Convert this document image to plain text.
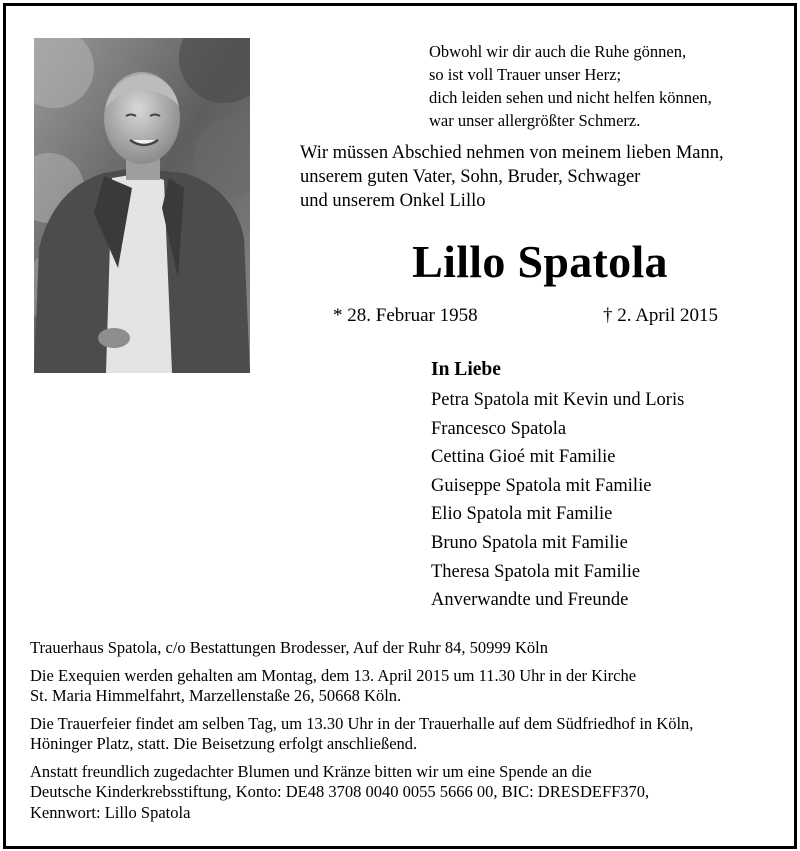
Obwohl wir dir auch die Ruhe gönnen,
so ist voll Trauer unser Herz;
dich leiden sehen und nicht helfen können,
war unser allergrößter Schmerz.
Wir müssen Abschied nehmen von meinem lieben Mann,
unserem guten Vater, Sohn, Bruder, Schwager
und unserem Onkel Lillo
Lillo Spatola
* 28. Februar 1958	† 2. April 2015
In Liebe
Petra Spatola mit Kevin und Loris
Francesco Spatola
Cettina Gioé mit Familie
Guiseppe Spatola mit Familie
Elio Spatola mit Familie
Bruno Spatola mit Familie
Theresa Spatola mit Familie
Anverwandte und Freunde
Trauerhaus Spatola, c/o Bestattungen Brodesser, Auf der Ruhr 84, 50999 Köln
Die Exequien werden gehalten am Montag, dem 13. April 2015 um 11.30 Uhr in der Kirche
St. Maria Himmelfahrt, Marzellenstaße 26, 50668 Köln.
Die Trauerfeier findet am selben Tag, um 13.30 Uhr in der Trauerhalle auf dem Südfriedhof in Köln,
Höninger Platz, statt. Die Beisetzung erfolgt anschließend.
Anstatt freundlich zugedachter Blumen und Kränze bitten wir um eine Spende an die
Deutsche Kinderkrebsstiftung, Konto: DE48 3708 0040 0055 5666 00, BIC: DRESDEFF370,
Kennwort: Lillo Spatola
